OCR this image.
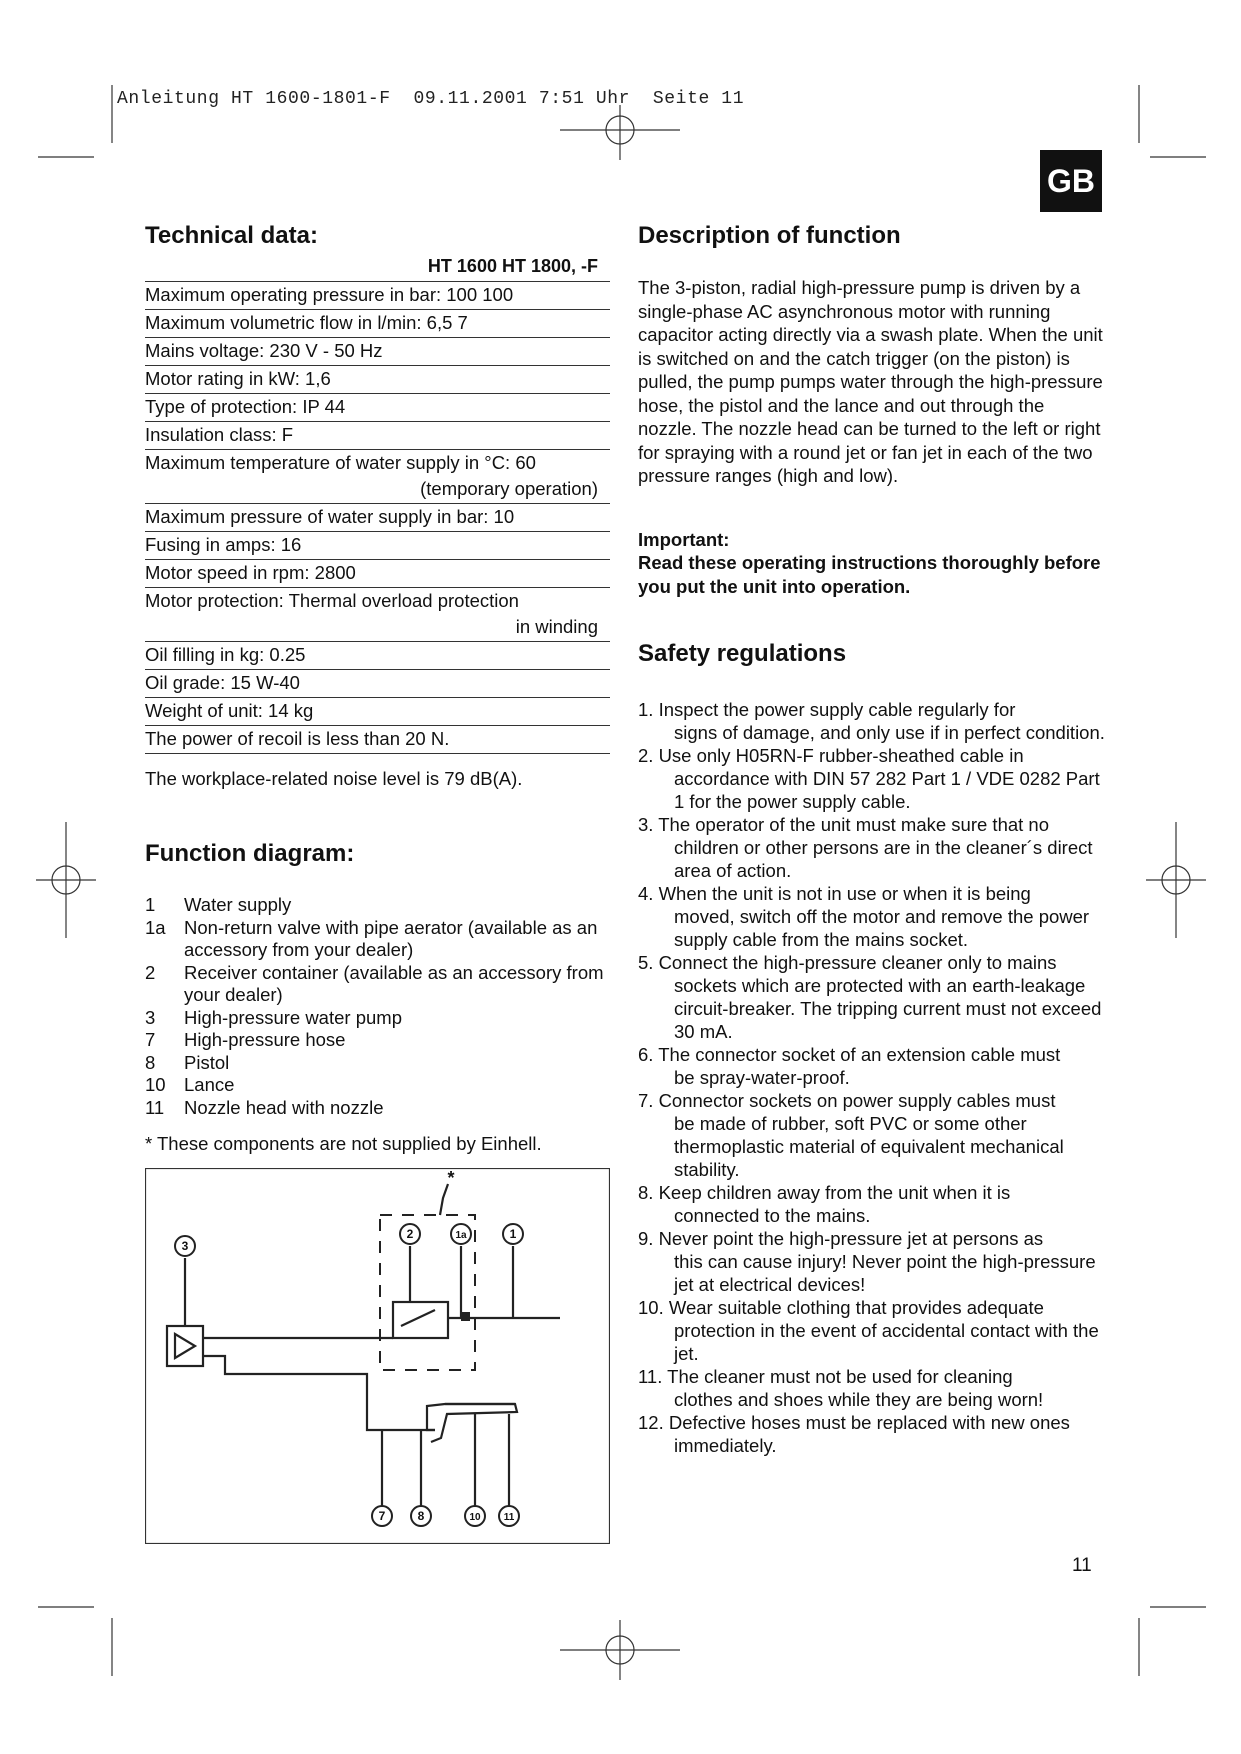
Anleitung HT 1600-1801-F  09.11.2001 7:51 Uhr  Seite 11
GB
Technical data:
HT 1600 HT 1800, -F
Maximum operating pressure in bar: 100 100
Maximum volumetric flow in l/min: 6,5 7
Mains voltage: 230 V - 50 Hz
Motor rating in kW: 1,6
Type of protection: IP 44
Insulation class: F
Maximum temperature of water supply in °C: 60
(temporary operation)
Maximum pressure of water supply in bar: 10
Fusing in amps: 16
Motor speed in rpm: 2800
Motor protection: Thermal overload protection
in winding
Oil filling in kg: 0.25
Oil grade: 15 W-40
Weight of unit: 14 kg
The power of recoil is less than 20 N.
The workplace-related noise level is 79 dB(A).
Function diagram:
1	Water supply
1a Non-return valve with pipe aerator (available as an accessory from your dealer)
2	Receiver container (available as an accessory from your dealer)
3	High-pressure water pump
7	High-pressure hose
8	Pistol
10 Lance
11	Nozzle head with nozzle
* These components are not supplied by Einhell.
3
2	1a	1
7	8	10 11
*
Description of function
The 3-piston, radial high-pressure pump is driven by a single-phase AC asynchronous motor with running capacitor acting directly via a swash plate. When the unit is switched on and the catch trigger (on the piston) is pulled, the pump pumps water through the high-pressure hose, the pistol and the lance and out through the nozzle. The nozzle head can be turned to the left or right for spraying with a round jet or fan jet in each of the two pressure ranges (high and low).
Important:
Read these operating instructions thoroughly before you put the unit into operation.
Safety regulations
1. Inspect the power supply cable regularly for
signs of damage, and only use if in perfect condition.
2. Use only H05RN-F rubber-sheathed cable in
accordance with DIN 57 282 Part 1 / VDE 0282 Part 1 for the power supply cable.
3. The operator of the unit must make sure that no
children or other persons are in the cleaner´s direct area of action.
4. When the unit is not in use or when it is being
moved, switch off the motor and remove the power supply cable from the mains socket.
5. Connect the high-pressure cleaner only to mains
sockets which are protected with an earth-leakage circuit-breaker. The tripping current must not exceed 30 mA.
6. The connector socket of an extension cable must
be spray-water-proof.
7. Connector sockets on power supply cables must
be made of rubber, soft PVC or some other thermoplastic material of equivalent mechanical stability.
8. Keep children away from the unit when it is
connected to the mains.
9. Never point the high-pressure jet at persons as
this can cause injury! Never point the high-pressure jet at electrical devices!
10. Wear suitable clothing that provides adequate
protection in the event of accidental contact with the jet.
11. The cleaner must not be used for cleaning
clothes and shoes while they are being worn!
12. Defective hoses must be replaced with new ones
immediately.
11
